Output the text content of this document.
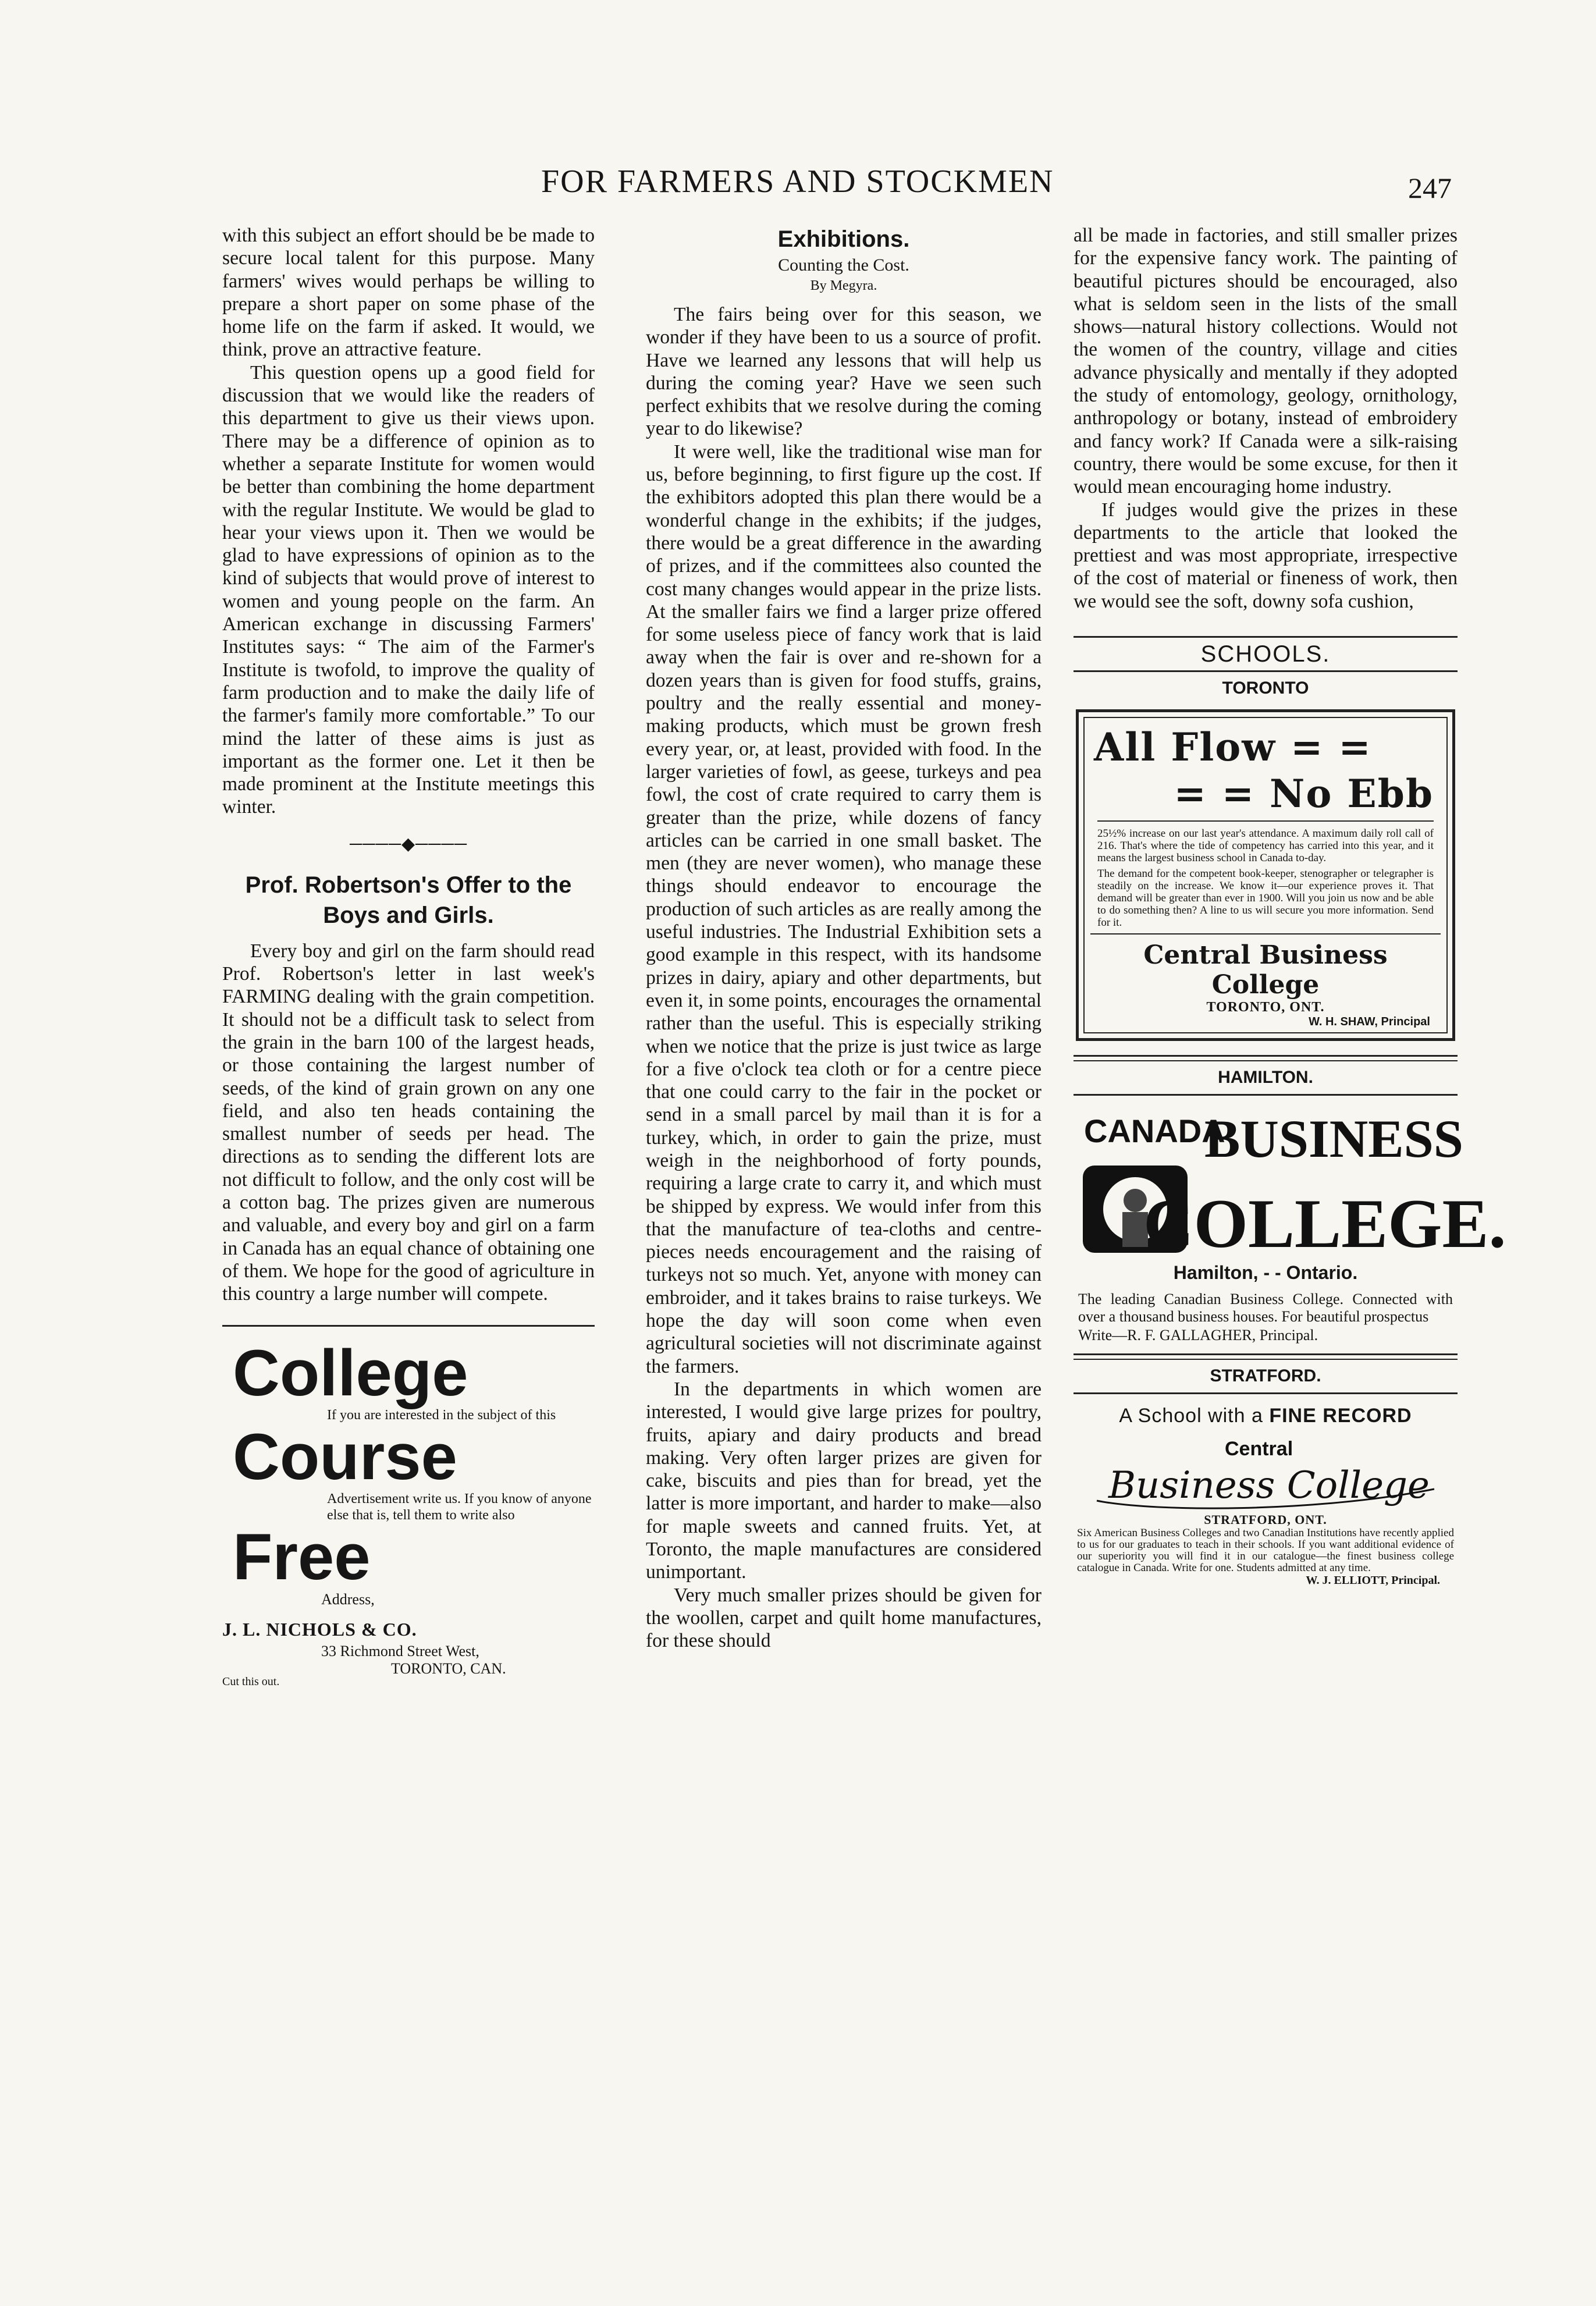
FOR FARMERS AND STOCKMEN	247

with this subject an effort should be be made to secure local talent for this purpose. Many farmers' wives would perhaps be willing to prepare a short paper on some phase of the home life on the farm if asked. It would, we think, prove an attractive feature.

This question opens up a good field for discussion that we would like the readers of this department to give us their views upon. There may be a difference of opinion as to whether a separate Institute for women would be better than combining the home department with the regular Institute. We would be glad to hear your views upon it. Then we would be glad to have expressions of opinion as to the kind of subjects that would prove of interest to women and young people on the farm. An American exchange in discussing Farmers' Institutes says: “ The aim of the Farmer's Institute is twofold, to improve the quality of farm production and to make the daily life of the farmer's family more comfortable.” To our mind the latter of these aims is just as important as the former one. Let it then be made prominent at the Institute meetings this winter.

────◆────
Prof. Robertson's Offer to the Boys and Girls.

Every boy and girl on the farm should read Prof. Robertson's letter in last week's FARMING dealing with the grain competition. It should not be a difficult task to select from the grain in the barn 100 of the largest heads, or those containing the largest number of seeds, of the kind of grain grown on any one field, and also ten heads containing the smallest number of seeds per head. The directions as to sending the different lots are not difficult to follow, and the only cost will be a cotton bag. The prizes given are numerous and valuable, and every boy and girl on a farm in Canada has an equal chance of obtaining one of them. We hope for the good of agriculture in this country a large number will compete.

College
If you are interested in the subject of this
Course
Advertisement write us. If you know of anyone else that is, tell them to write also
Free
Address,
J. L. NICHOLS & CO.
33 Richmond Street West,
TORONTO, CAN.
Cut this out.
Exhibitions.
Counting the Cost.
By Megyra.

The fairs being over for this season, we wonder if they have been to us a source of profit. Have we learned any lessons that will help us during the coming year? Have we seen such perfect exhibits that we resolve during the coming year to do likewise?

It were well, like the traditional wise man for us, before beginning, to first figure up the cost. If the exhibitors adopted this plan there would be a wonderful change in the exhibits; if the judges, there would be a great difference in the awarding of prizes, and if the committees also counted the cost many changes would appear in the prize lists. At the smaller fairs we find a larger prize offered for some useless piece of fancy work that is laid away when the fair is over and re-shown for a dozen years than is given for food stuffs, grains, poultry and the really essential and money-making products, which must be grown fresh every year, or, at least, provided with food. In the larger varieties of fowl, as geese, turkeys and pea fowl, the cost of crate required to carry them is greater than the prize, while dozens of fancy articles can be carried in one small basket. The men (they are never women), who manage these things should endeavor to encourage the production of such articles as are really among the useful industries. The Industrial Exhibition sets a good example in this respect, with its handsome prizes in dairy, apiary and other departments, but even it, in some points, encourages the ornamental rather than the useful. This is especially striking when we notice that the prize is just twice as large for a five o'clock tea cloth or for a centre piece that one could carry to the fair in the pocket or send in a small parcel by mail than it is for a turkey, which, in order to gain the prize, must weigh in the neighborhood of forty pounds, requiring a large crate to carry it, and which must be shipped by express. We would infer from this that the manufacture of tea-cloths and centre-pieces needs encouragement and the raising of turkeys not so much. Yet, anyone with money can embroider, and it takes brains to raise turkeys. We hope the day will soon come when even agricultural societies will not discriminate against the farmers.

In the departments in which women are interested, I would give large prizes for poultry, fruits, apiary and dairy products and bread making. Very often larger prizes are given for cake, biscuits and pies than for bread, yet the latter is more important, and harder to make—also for maple sweets and canned fruits. Yet, at Toronto, the maple manufactures are considered unimportant.

Very much smaller prizes should be given for the woollen, carpet and quilt home manufactures, for these should

all be made in factories, and still smaller prizes for the expensive fancy work. The painting of beautiful pictures should be encouraged, also what is seldom seen in the lists of the small shows—natural history collections. Would not the women of the country, village and cities advance physically and mentally if they adopted the study of entomology, geology, ornithology, anthropology or botany, instead of embroidery and fancy work? If Canada were a silk-raising country, there would be some excuse, for then it would mean encouraging home industry.

If judges would give the prizes in these departments to the article that looked the prettiest and was most appropriate, irrespective of the cost of material or fineness of work, then we would see the soft, downy sofa cushion,

SCHOOLS.
TORONTO
All Flow = =
= = No Ebb
25½% increase on our last year's attendance. A maximum daily roll call of 216. That's where the tide of competency has carried into this year, and it means the largest business school in Canada to-day.
The demand for the competent book-keeper, stenographer or telegrapher is steadily on the increase. We know it—our experience proves it. That demand will be greater than ever in 1900. Will you join us now and be able to do something then? A line to us will secure you more information. Send for it.
Central Business College
TORONTO, ONT.
W. H. SHAW, Principal
HAMILTON.
CANADA
BUSINESS
COLLEGE.
Hamilton, - - Ontario.
The leading Canadian Business College. Connected with over a thousand business houses. For beautiful prospectus
Write—R. F. GALLAGHER, Principal.
STRATFORD.
A School with a FINE RECORD
Central
Business College
STRATFORD, ONT.
Six American Business Colleges and two Canadian Institutions have recently applied to us for our graduates to teach in their schools. If you want additional evidence of our superiority you will find it in our catalogue—the finest business college catalogue in Canada. Write for one. Students admitted at any time.
W. J. ELLIOTT, Principal.
